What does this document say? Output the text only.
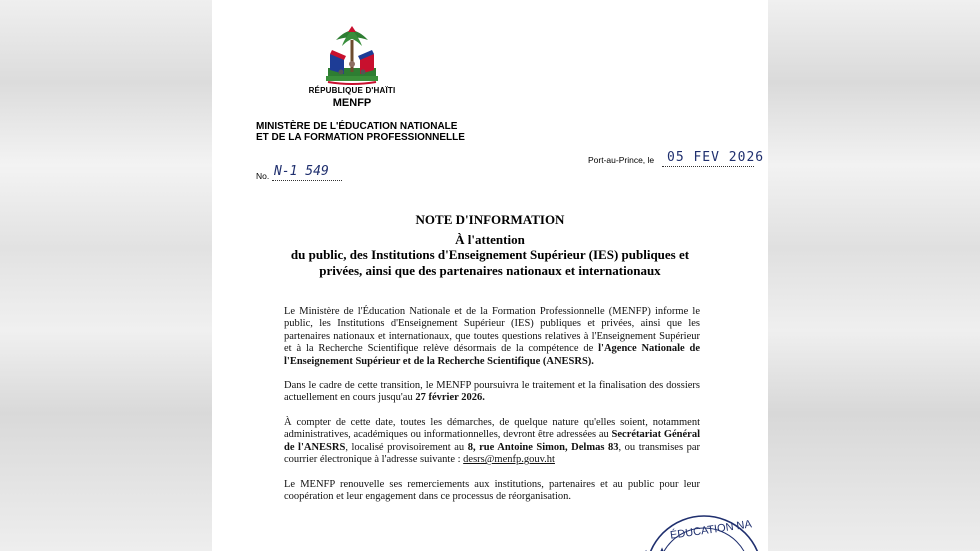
RÉPUBLIQUE D'HAÏTI
MENFP
MINISTÈRE DE L'ÉDUCATION NATIONALE
ET DE LA FORMATION PROFESSIONNELLE
Port-au-Prince, le 05 FEV 2026
No. N-1 549
NOTE D'INFORMATION
À l'attention
du public, des Institutions d'Enseignement Supérieur (IES) publiques et privées, ainsi que des partenaires nationaux et internationaux
Le Ministère de l'Éducation Nationale et de la Formation Professionnelle (MENFP) informe le public, les Institutions d'Enseignement Supérieur (IES) publiques et privées, ainsi que les partenaires nationaux et internationaux, que toutes questions relatives à l'Enseignement Supérieur et à la Recherche Scientifique relève désormais de la compétence de l'Agence Nationale de l'Enseignement Supérieur et de la Recherche Scientifique (ANESRS).
Dans le cadre de cette transition, le MENFP poursuivra le traitement et la finalisation des dossiers actuellement en cours jusqu'au 27 février 2026.
À compter de cette date, toutes les démarches, de quelque nature qu'elles soient, notamment administratives, académiques ou informationnelles, devront être adressées au Secrétariat Général de l'ANESRS, localisé provisoirement au 8, rue Antoine Simon, Delmas 83, ou transmises par courrier électronique à l'adresse suivante : desrs@menfp.gouv.ht
Le MENFP renouvelle ses remerciements aux institutions, partenaires et au public pour leur coopération et leur engagement dans ce processus de réorganisation.
ÉDUCATION NA
